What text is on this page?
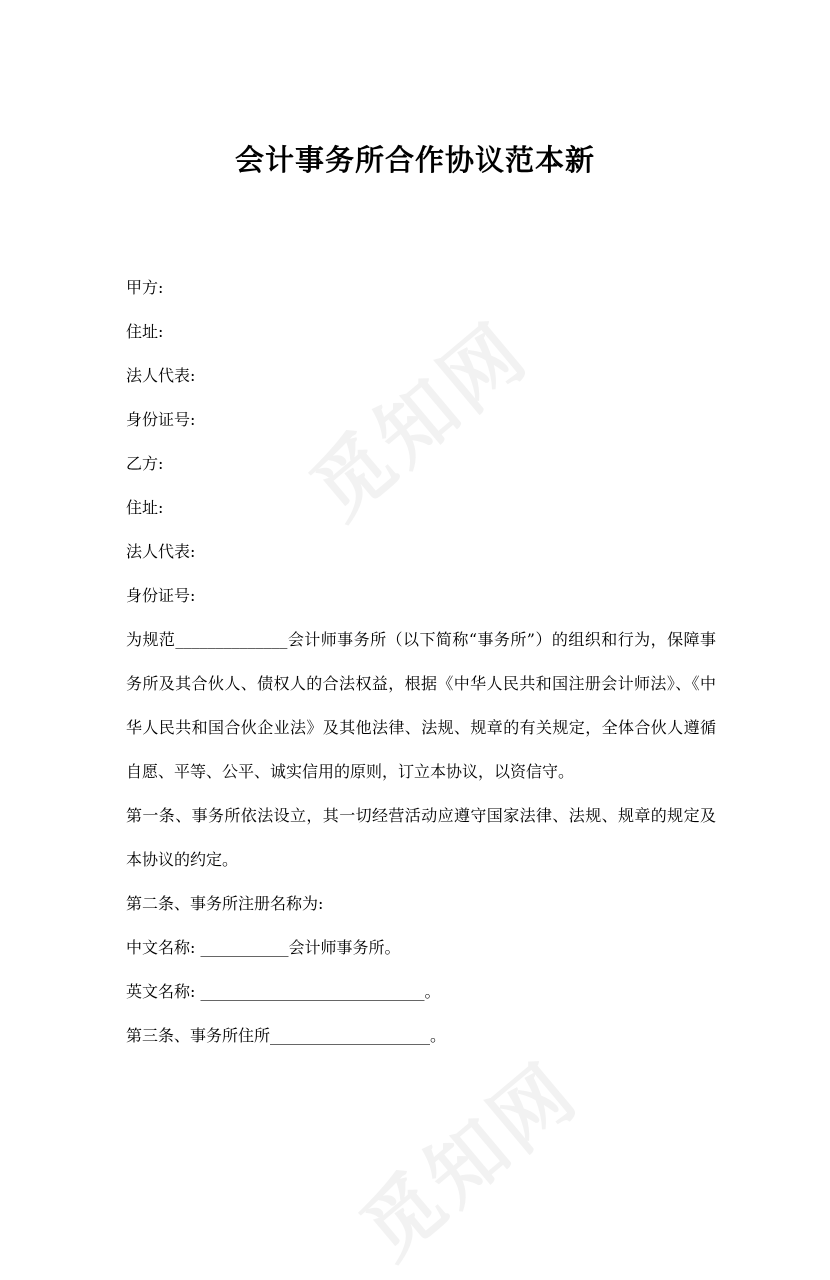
觅知网
觅知网
会计事务所合作协议范本新

甲方:

住址:

法人代表:

身份证号:

乙方:

住址:

法人代表:

身份证号:

为规范______________会计师事务所（以下简称“事务所”）的组织和行为，保障事务所及其合伙人、债权人的合法权益，根据《中华人民共和国注册会计师法》、《中华人民共和国合伙企业法》及其他法律、法规、规章的有关规定，全体合伙人遵循自愿、平等、公平、诚实信用的原则，订立本协议，以资信守。

第一条、事务所依法设立，其一切经营活动应遵守国家法律、法规、规章的规定及本协议的约定。

第二条、事务所注册名称为:

中文名称: ___________会计师事务所。

英文名称: ____________________________。

第三条、事务所住所____________________。
